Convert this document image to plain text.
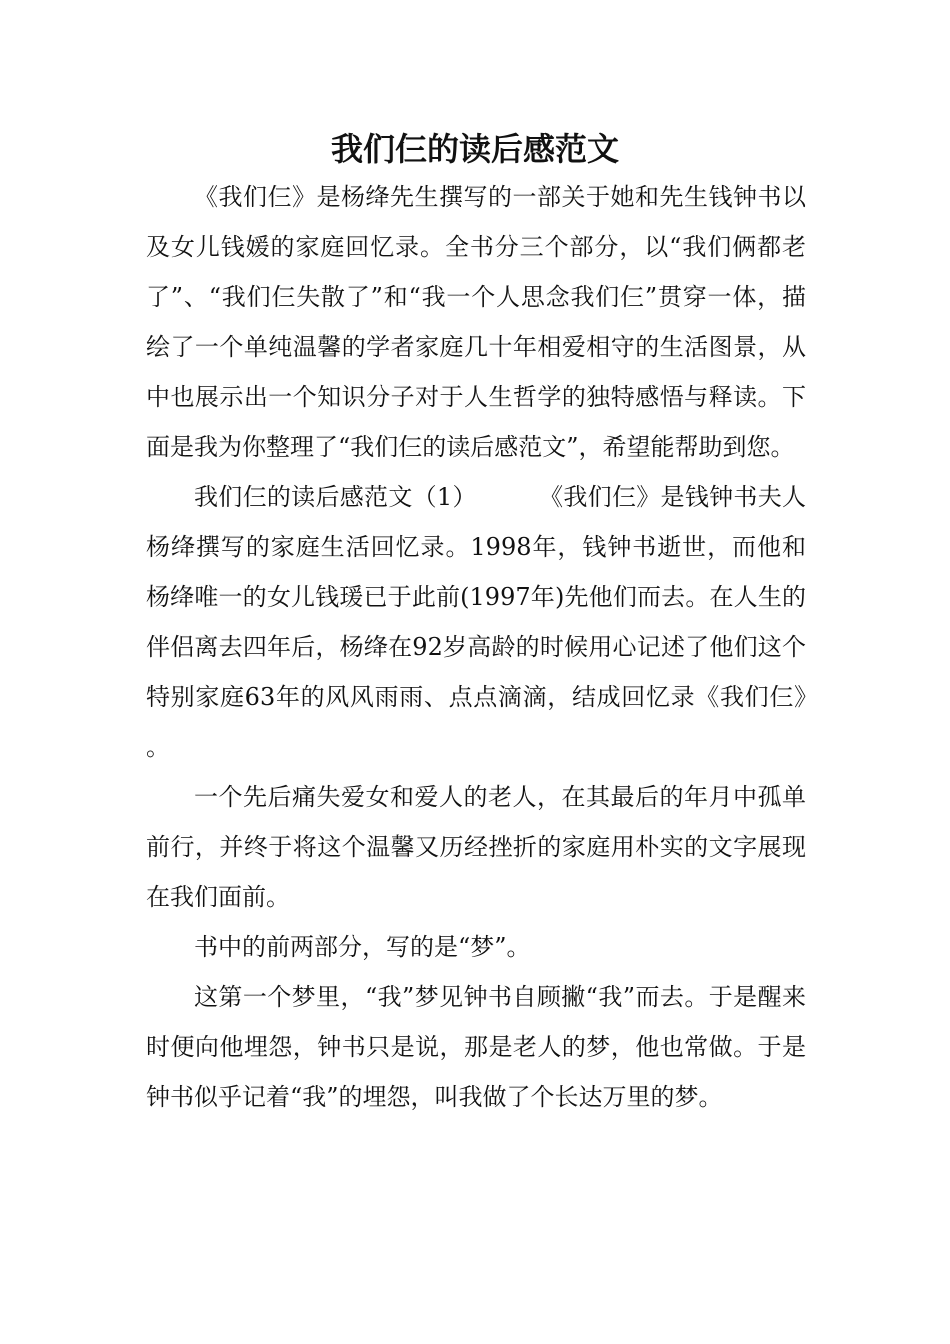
我们仨的读后感范文

《我们仨》是杨绛先生撰写的一部关于她和先生钱钟书以及女儿钱媛的家庭回忆录。全书分三个部分，以“我们俩都老了”、“我们仨失散了”和“我一个人思念我们仨”贯穿一体，描绘了一个单纯温馨的学者家庭几十年相爱相守的生活图景，从中也展示出一个知识分子对于人生哲学的独特感悟与释读。下面是我为你整理了“我们仨的读后感范文”，希望能帮助到您。

我们仨的读后感范文（1）	《我们仨》是钱钟书夫人杨绛撰写的家庭生活回忆录。1998年，钱钟书逝世，而他和杨绛唯一的女儿钱瑗已于此前(1997年)先他们而去。在人生的伴侣离去四年后，杨绛在92岁高龄的时候用心记述了他们这个特别家庭63年的风风雨雨、点点滴滴，结成回忆录《我们仨》。

一个先后痛失爱女和爱人的老人，在其最后的年月中孤单前行，并终于将这个温馨又历经挫折的家庭用朴实的文字展现在我们面前。

书中的前两部分，写的是“梦”。

这第一个梦里，“我”梦见钟书自顾撇“我”而去。于是醒来时便向他埋怨，钟书只是说，那是老人的梦，他也常做。于是钟书似乎记着“我”的埋怨，叫我做了个长达万里的梦。
